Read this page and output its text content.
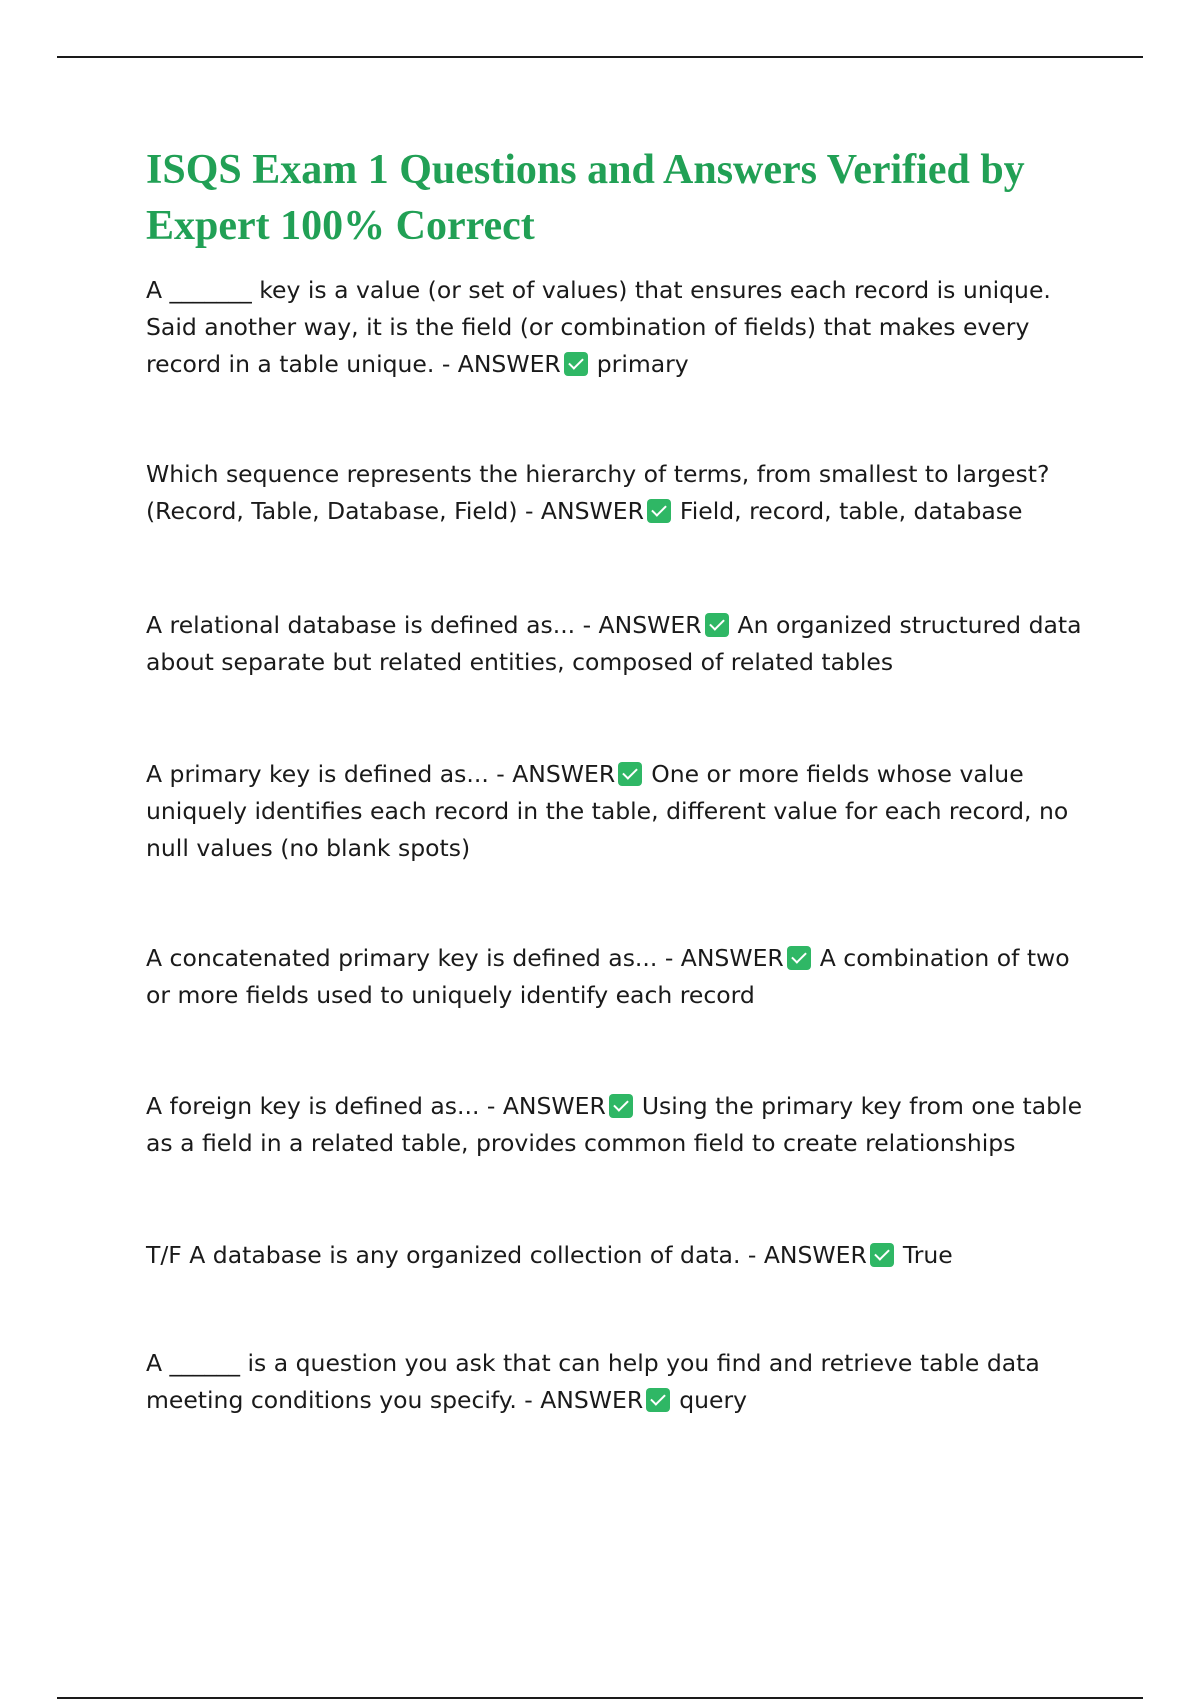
ISQS Exam 1 Questions and Answers Verified by Expert 100% Correct

A _______ key is a value (or set of values) that ensures each record is unique. Said another way, it is the field (or combination of fields) that makes every record in a table unique. - ANSWER primary

Which sequence represents the hierarchy of terms, from smallest to largest? (Record, Table, Database, Field) - ANSWER Field, record, table, database

A relational database is defined as... - ANSWER An organized structured data about separate but related entities, composed of related tables

A primary key is defined as... - ANSWER One or more fields whose value uniquely identifies each record in the table, different value for each record, no null values (no blank spots)

A concatenated primary key is defined as... - ANSWER A combination of two or more fields used to uniquely identify each record

A foreign key is defined as... - ANSWER Using the primary key from one table as a field in a related table, provides common field to create relationships

T/F A database is any organized collection of data. - ANSWER True

A ______ is a question you ask that can help you find and retrieve table data meeting conditions you specify. - ANSWER query
